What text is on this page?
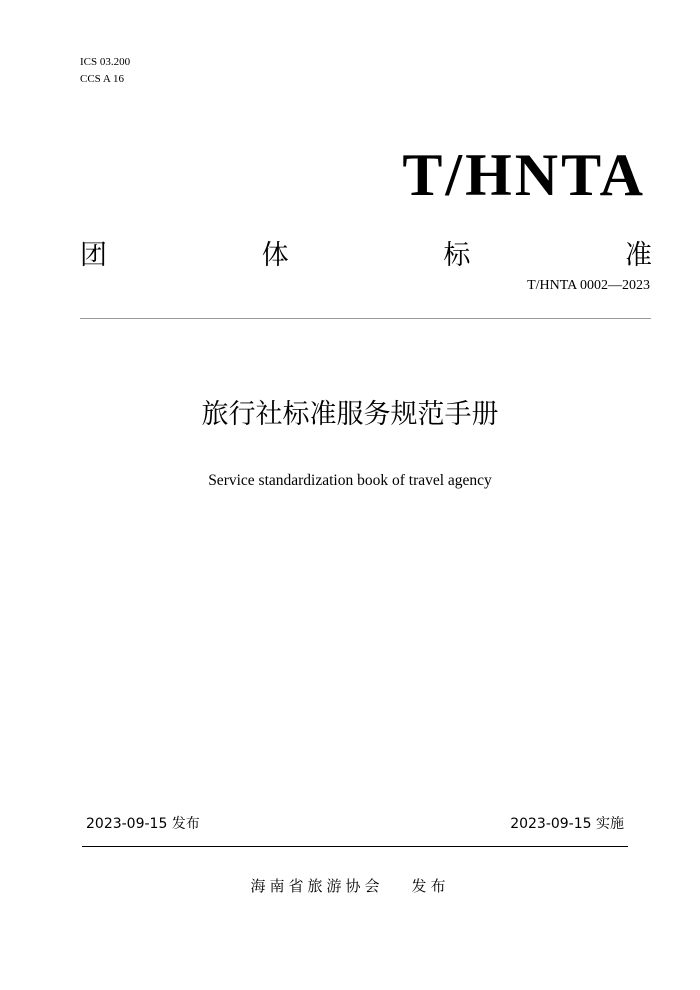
ICS 03.200
CCS A 16
T/HNTA
团	体	标	准
T/HNTA 0002—2023
旅行社标准服务规范手册
Service standardization book of travel agency
2023-09-15 发布	2023-09-15 实施
海南省旅游协会 发布
